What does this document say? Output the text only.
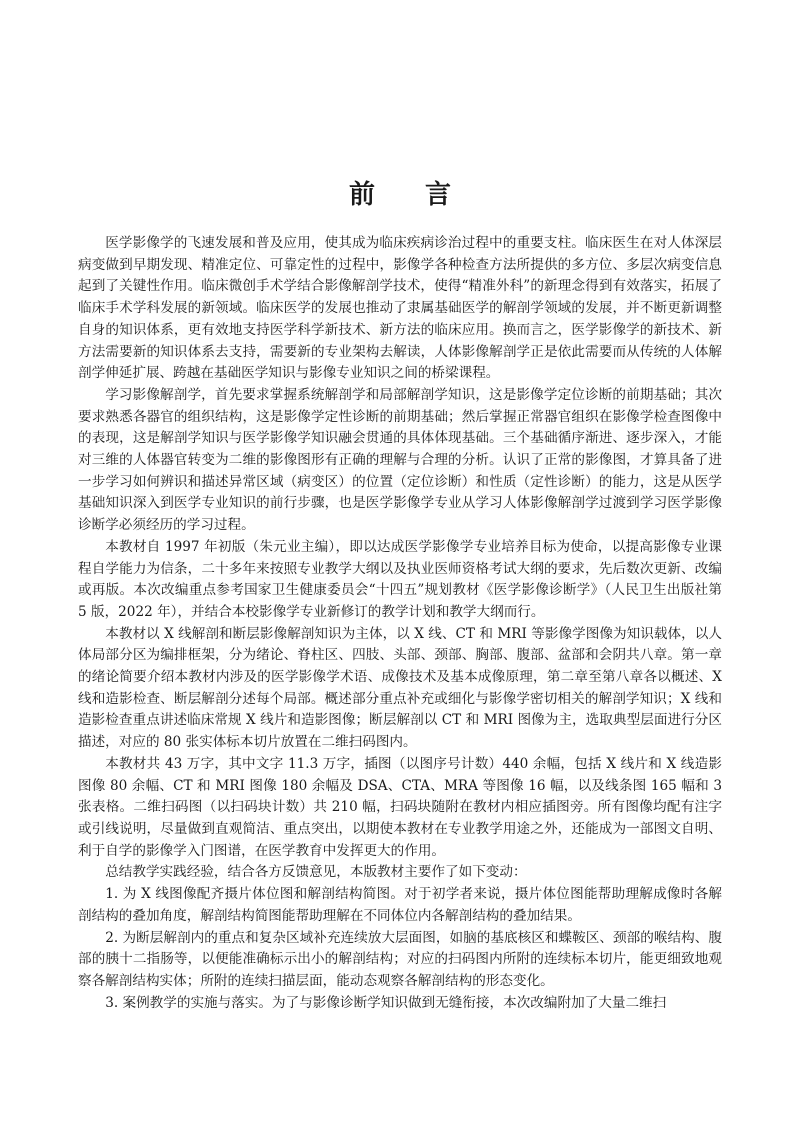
前言

医学影像学的飞速发展和普及应用，使其成为临床疾病诊治过程中的重要支柱。临床医生在对人体深层病变做到早期发现、精准定位、可靠定性的过程中，影像学各种检查方法所提供的多方位、多层次病变信息起到了关键性作用。临床微创手术学结合影像解剖学技术，使得“精准外科”的新理念得到有效落实，拓展了临床手术学科发展的新领域。临床医学的发展也推动了隶属基础医学的解剖学领域的发展，并不断更新调整自身的知识体系，更有效地支持医学科学新技术、新方法的临床应用。换而言之，医学影像学的新技术、新方法需要新的知识体系去支持，需要新的专业架构去解读，人体影像解剖学正是依此需要而从传统的人体解剖学伸延扩展、跨越在基础医学知识与影像专业知识之间的桥梁课程。

学习影像解剖学，首先要求掌握系统解剖学和局部解剖学知识，这是影像学定位诊断的前期基础；其次要求熟悉各器官的组织结构，这是影像学定性诊断的前期基础；然后掌握正常器官组织在影像学检查图像中的表现，这是解剖学知识与医学影像学知识融会贯通的具体体现基础。三个基础循序渐进、逐步深入，才能对三维的人体器官转变为二维的影像图形有正确的理解与合理的分析。认识了正常的影像图，才算具备了进一步学习如何辨识和描述异常区域（病变区）的位置（定位诊断）和性质（定性诊断）的能力，这是从医学基础知识深入到医学专业知识的前行步骤，也是医学影像学专业从学习人体影像解剖学过渡到学习医学影像诊断学必须经历的学习过程。

本教材自 1997 年初版（朱元业主编），即以达成医学影像学专业培养目标为使命，以提高影像专业课程自学能力为信条，二十多年来按照专业教学大纲以及执业医师资格考试大纲的要求，先后数次更新、改编或再版。本次改编重点参考国家卫生健康委员会“十四五”规划教材《医学影像诊断学》（人民卫生出版社第 5 版，2022 年），并结合本校影像学专业新修订的教学计划和教学大纲而行。

本教材以 X 线解剖和断层影像解剖知识为主体，以 X 线、CT 和 MRI 等影像学图像为知识载体，以人体局部分区为编排框架，分为绪论、脊柱区、四肢、头部、颈部、胸部、腹部、盆部和会阴共八章。第一章的绪论简要介绍本教材内涉及的医学影像学术语、成像技术及基本成像原理，第二章至第八章各以概述、X 线和造影检查、断层解剖分述每个局部。概述部分重点补充或细化与影像学密切相关的解剖学知识；X 线和造影检查重点讲述临床常规 X 线片和造影图像；断层解剖以 CT 和 MRI 图像为主，选取典型层面进行分区描述，对应的 80 张实体标本切片放置在二维扫码图内。

本教材共 43 万字，其中文字 11.3 万字，插图（以图序号计数）440 余幅，包括 X 线片和 X 线造影图像 80 余幅、CT 和 MRI 图像 180 余幅及 DSA、CTA、MRA 等图像 16 幅，以及线条图 165 幅和 3 张表格。二维扫码图（以扫码块计数）共 210 幅，扫码块随附在教材内相应插图旁。所有图像均配有注字或引线说明，尽量做到直观简洁、重点突出，以期使本教材在专业教学用途之外，还能成为一部图文自明、利于自学的影像学入门图谱，在医学教育中发挥更大的作用。

总结教学实践经验，结合各方反馈意见，本版教材主要作了如下变动：

1. 为 X 线图像配齐摄片体位图和解剖结构简图。对于初学者来说，摄片体位图能帮助理解成像时各解剖结构的叠加角度，解剖结构简图能帮助理解在不同体位内各解剖结构的叠加结果。

2. 为断层解剖内的重点和复杂区域补充连续放大层面图，如脑的基底核区和蝶鞍区、颈部的喉结构、腹部的胰十二指肠等，以便能准确标示出小的解剖结构；对应的扫码图内所附的连续标本切片，能更细致地观察各解剖结构实体；所附的连续扫描层面，能动态观察各解剖结构的形态变化。

3. 案例教学的实施与落实。为了与影像诊断学知识做到无缝衔接，本次改编附加了大量二维扫
